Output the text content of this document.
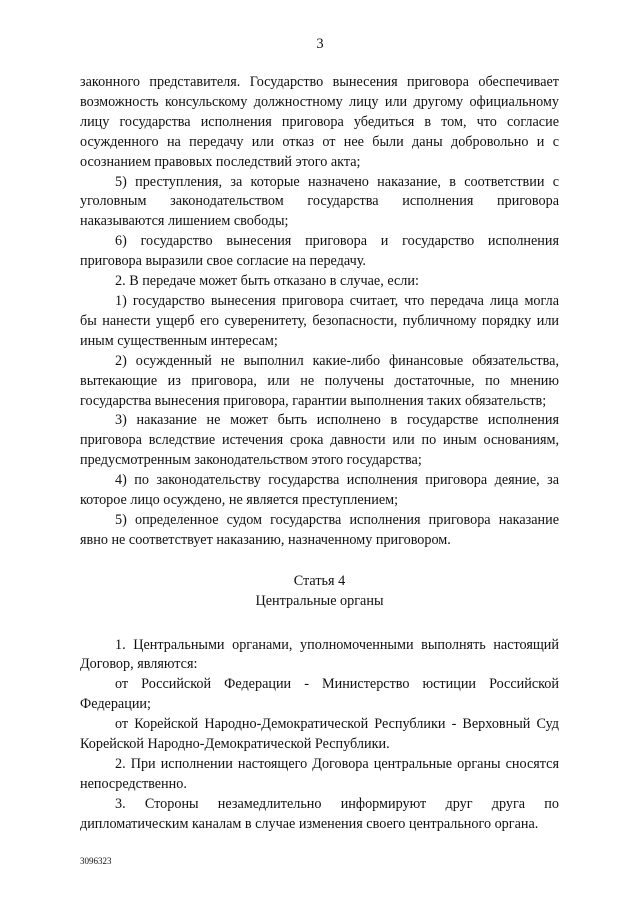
3

законного представителя. Государство вынесения приговора обеспечивает возможность консульскому должностному лицу или другому официальному лицу государства исполнения приговора убедиться в том, что согласие осужденного на передачу или отказ от нее были даны добровольно и с осознанием правовых последствий этого акта;

5) преступления, за которые назначено наказание, в соответствии с уголовным законодательством государства исполнения приговора наказываются лишением свободы;

6) государство вынесения приговора и государство исполнения приговора выразили свое согласие на передачу.

2. В передаче может быть отказано в случае, если:

1) государство вынесения приговора считает, что передача лица могла бы нанести ущерб его суверенитету, безопасности, публичному порядку или иным существенным интересам;

2) осужденный не выполнил какие-либо финансовые обязательства, вытекающие из приговора, или не получены достаточные, по мнению государства вынесения приговора, гарантии выполнения таких обязательств;

3) наказание не может быть исполнено в государстве исполнения приговора вследствие истечения срока давности или по иным основаниям, предусмотренным законодательством этого государства;

4) по законодательству государства исполнения приговора деяние, за которое лицо осуждено, не является преступлением;

5) определенное судом государства исполнения приговора наказание явно не соответствует наказанию, назначенному приговором.

Статья 4
Центральные органы

1. Центральными органами, уполномоченными выполнять настоящий Договор, являются:

от Российской Федерации - Министерство юстиции Российской Федерации;

от Корейской Народно-Демократической Республики - Верховный Суд Корейской Народно-Демократической Республики.

2. При исполнении настоящего Договора центральные органы сносятся непосредственно.

3. Стороны незамедлительно информируют друг друга по дипломатическим каналам в случае изменения своего центрального органа.

3096323
